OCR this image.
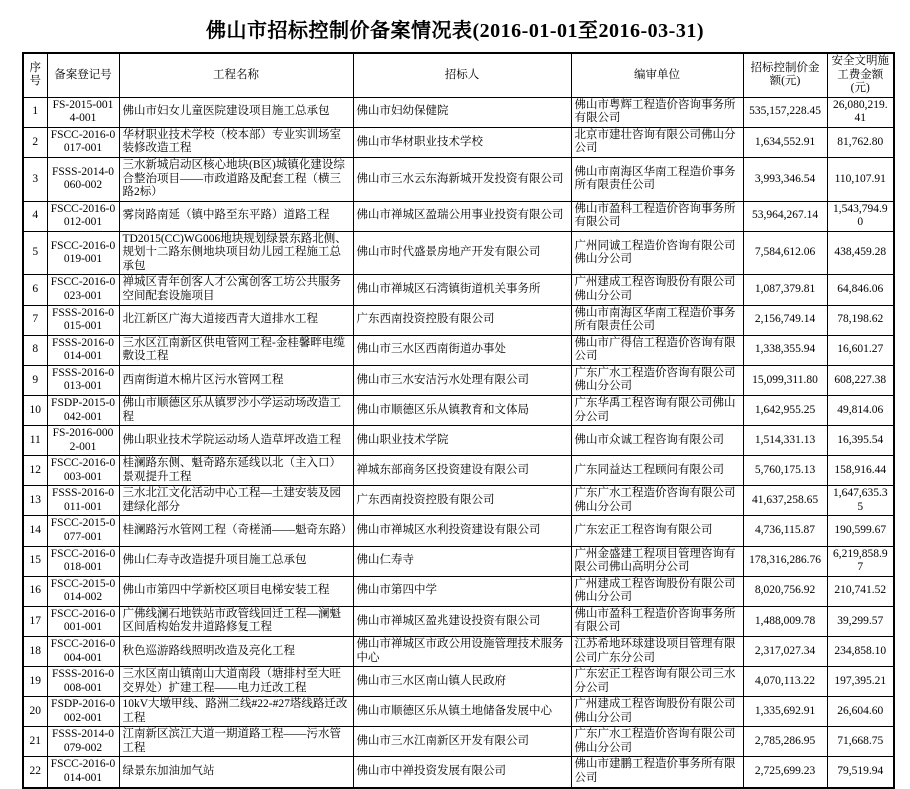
佛山市招标控制价备案情况表(2016-01-01至2016-03-31)
序号	备案登记号	工程名称	招标人	编审单位	招标控制价金额(元)	安全文明施工费金额(元)
1	FS-2015-0014-001	佛山市妇女儿童医院建设项目施工总承包	佛山市妇幼保健院	佛山市粤辉工程造价咨询事务所有限公司	535,157,228.45	26,080,219.41
2	FSCC-2016-0017-001	华材职业技术学校（校本部）专业实训场室装修改造工程	佛山市华材职业技术学校	北京市建壮咨询有限公司佛山分公司	1,634,552.91	81,762.80
3	FSSS-2014-0060-002	三水新城启动区核心地块(B区)城镇化建设综合整治项目——市政道路及配套工程（横三路2标）	佛山市三水云东海新城开发投资有限公司	佛山市南海区华南工程造价事务所有限责任公司	3,993,346.54	110,107.91
4	FSCC-2016-0012-001	雾岗路南延（镇中路至东平路）道路工程	佛山市禅城区盈瑞公用事业投资有限公司	佛山市盈科工程造价咨询事务所有限公司	53,964,267.14	1,543,794.90
5	FSCC-2016-0019-001	TD2015(CC)WG006地块规划绿景东路北侧、规划十二路东侧地块项目幼儿园工程施工总承包	佛山市时代盛景房地产开发有限公司	广州同诚工程造价咨询有限公司佛山分公司	7,584,612.06	438,459.28
6	FSCC-2016-0023-001	禅城区青年创客人才公寓创客工坊公共服务空间配套设施项目	佛山市禅城区石湾镇街道机关事务所	广州建成工程咨询股份有限公司佛山分公司	1,087,379.81	64,846.06
7	FSSS-2016-0015-001	北江新区广海大道接西青大道排水工程	广东西南投资控股有限公司	佛山市南海区华南工程造价事务所有限责任公司	2,156,749.14	78,198.62
8	FSSS-2016-0014-001	三水区江南新区供电管网工程-金桂馨畔电缆敷设工程	佛山市三水区西南街道办事处	佛山市广得信工程造价咨询有限公司	1,338,355.94	16,601.27
9	FSSS-2016-0013-001	西南街道木棉片区污水管网工程	佛山市三水安洁污水处理有限公司	广东广水工程造价咨询有限公司佛山分公司	15,099,311.80	608,227.38
10	FSDP-2015-0042-001	佛山市顺德区乐从镇罗沙小学运动场改造工程	佛山市顺德区乐从镇教育和文体局	广东华禹工程咨询有限公司佛山分公司	1,642,955.25	49,814.06
11	FS-2016-0002-001	佛山职业技术学院运动场人造草坪改造工程	佛山职业技术学院	佛山市众诚工程咨询有限公司	1,514,331.13	16,395.54
12	FSCC-2016-0003-001	桂澜路东侧、魁奇路东延线以北（主入口）景观提升工程	禅城东部商务区投资建设有限公司	广东同益达工程顾问有限公司	5,760,175.13	158,916.44
13	FSSS-2016-0011-001	三水北江文化活动中心工程—土建安装及园建绿化部分	广东西南投资控股有限公司	广东广水工程造价咨询有限公司佛山分公司	41,637,258.65	1,647,635.35
14	FSCC-2015-0077-001	桂澜路污水管网工程（奇槎涌——魁奇东路）	佛山市禅城区水利投资建设有限公司	广东宏正工程咨询有限公司	4,736,115.87	190,599.67
15	FSCC-2016-0018-001	佛山仁寿寺改造提升项目施工总承包	佛山仁寿寺	广州金盛建工程项目管理咨询有限公司佛山高明分公司	178,316,286.76	6,219,858.97
16	FSCC-2015-0014-002	佛山市第四中学新校区项目电梯安装工程	佛山市第四中学	广州建成工程咨询股份有限公司佛山分公司	8,020,756.92	210,741.52
17	FSCC-2016-0001-001	广佛线澜石地铁站市政管线回迁工程—澜魁区间盾构始发井道路修复工程	佛山市禅城区盈兆建设投资有限公司	佛山市盈科工程造价咨询事务所有限公司	1,488,009.78	39,299.57
18	FSCC-2016-0004-001	秋色巡游路线照明改造及亮化工程	佛山市禅城区市政公用设施管理技术服务中心	江苏希地环球建设项目管理有限公司广东分公司	2,317,027.34	234,858.10
19	FSSS-2016-0008-001	三水区南山镇南山大道南段（塘排村至大旺交界处）扩建工程——电力迁改工程	佛山市三水区南山镇人民政府	广东宏正工程咨询有限公司三水分公司	4,070,113.22	197,395.21
20	FSDP-2016-0002-001	10kV大墩甲线、路洲二线#22-#27塔线路迁改工程	佛山市顺德区乐从镇土地储备发展中心	广州建成工程咨询股份有限公司佛山分公司	1,335,692.91	26,604.60
21	FSSS-2014-0079-002	江南新区滨江大道一期道路工程——污水管工程	佛山市三水江南新区开发有限公司	广东广水工程造价咨询有限公司佛山分公司	2,785,286.95	71,668.75
22	FSCC-2016-0014-001	绿景东加油加气站	佛山市中禅投资发展有限公司	佛山市建鹏工程造价事务所有限公司	2,725,699.23	79,519.94
